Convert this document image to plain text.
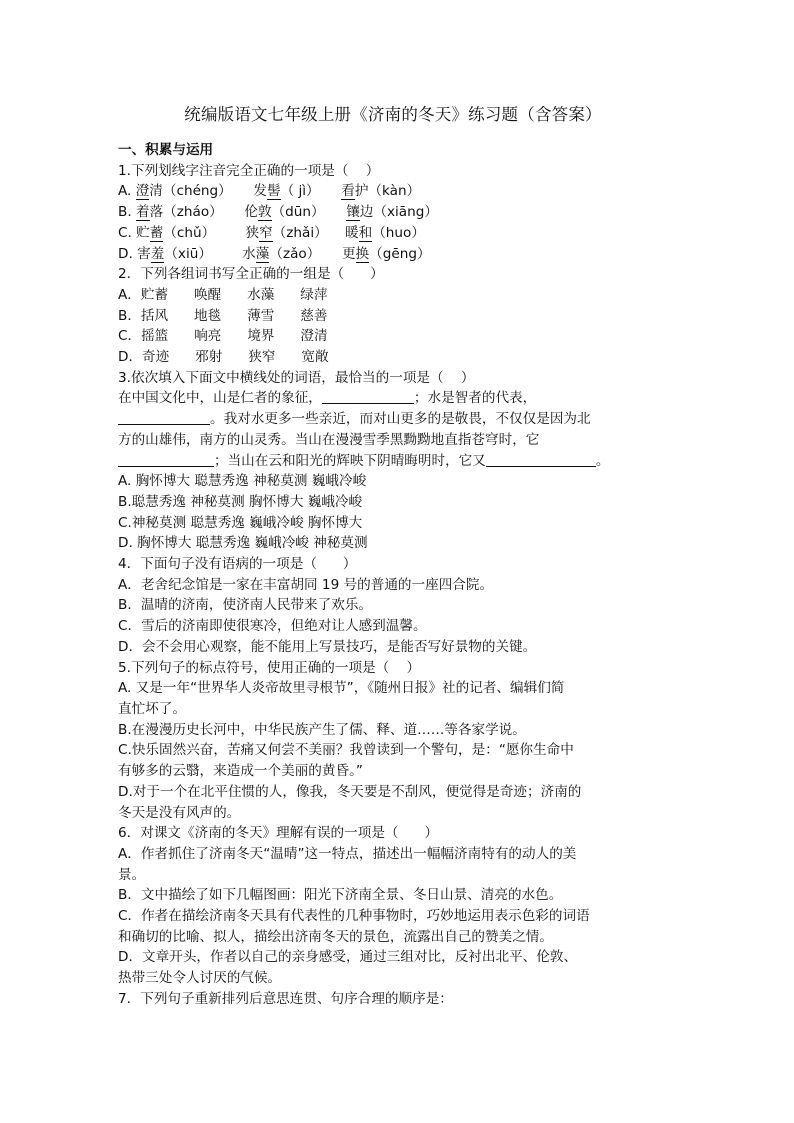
统编版语文七年级上册《济南的冬天》练习题（含答案）
一、积累与运用
1.下列划线字注音完全正确的一项是（    ）
A. 澄清（chéng）     发髻（ jì）     看护（kàn）
B. 着落（zháo）     伦敦（dūn）     镶边（xiāng）
C. 贮蓄（chǔ）       狭窄（zhǎi）    暖和（huo）
D. 害羞（xiū）       水藻（zǎo）     更换（gēng）
2．下列各组词书写全正确的一组是（      ）
A．贮蓄      唤醒      水藻      绿萍
B．括风      地毯      薄雪      慈善
C．摇篮      响亮      境界      澄清
D．奇迹      邪射      狭窄      宽敞
3.依次填入下面文中横线处的词语，最恰当的一项是（    ）
在中国文化中，山是仁者的象征，	；水是智者的代表，
。我对水更多一些亲近，而对山更多的是敬畏，不仅仅是因为北
方的山雄伟，南方的山灵秀。当山在漫漫雪季黑黝黝地直指苍穹时，它
；当山在云和阳光的辉映下阴晴晦明时，它又	。
A. 胸怀博大 聪慧秀逸 神秘莫测 巍峨冷峻
B.聪慧秀逸 神秘莫测 胸怀博大 巍峨冷峻
C.神秘莫测 聪慧秀逸 巍峨冷峻 胸怀博大
D. 胸怀博大 聪慧秀逸 巍峨冷峻 神秘莫测
4．下面句子没有语病的一项是（      ）
A．老舍纪念馆是一家在丰富胡同 19 号的普通的一座四合院。
B．温晴的济南，使济南人民带来了欢乐。
C．雪后的济南即使很寒冷，但绝对让人感到温馨。
D．会不会用心观察，能不能用上写景技巧，是能否写好景物的关键。
5.下列句子的标点符号，使用正确的一项是（    ）
A. 又是一年“世界华人炎帝故里寻根节”，《随州日报》社的记者、编辑们简
直忙坏了。
B.在漫漫历史长河中，中华民族产生了儒、释、道……等各家学说。
C.快乐固然兴奋，苦痛又何尝不美丽？我曾读到一个警句，是：“愿你生命中
有够多的云翳，来造成一个美丽的黄昏。”
D.对于一个在北平住惯的人，像我，冬天要是不刮风，便觉得是奇迹；济南的
冬天是没有风声的。
6．对课文《济南的冬天》理解有误的一项是（      ）
A．作者抓住了济南冬天“温晴”这一特点，描述出一幅幅济南特有的动人的美
景。
B．文中描绘了如下几幅图画：阳光下济南全景、冬日山景、清亮的水色。
C．作者在描绘济南冬天具有代表性的几种事物时，巧妙地运用表示色彩的词语
和确切的比喻、拟人，描绘出济南冬天的景色，流露出自己的赞美之情。
D．文章开头，作者以自己的亲身感受，通过三组对比，反衬出北平、伦敦、
热带三处令人讨厌的气候。
7．下列句子重新排列后意思连贯、句序合理的顺序是：
